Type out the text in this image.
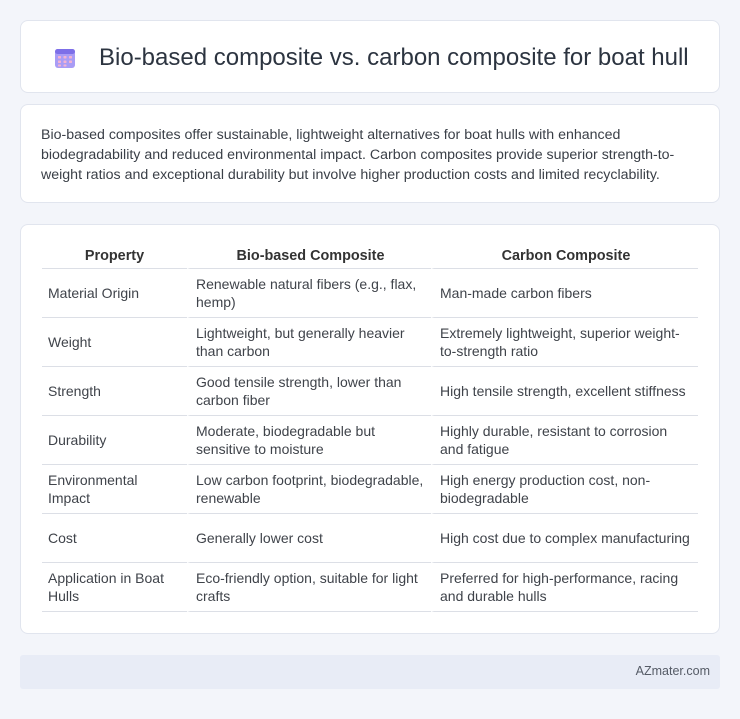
Bio-based composite vs. carbon composite for boat hull

Bio-based composites offer sustainable, lightweight alternatives for boat hulls with enhanced biodegradability and reduced environmental impact. Carbon composites provide superior strength-to-weight ratios and exceptional durability but involve higher production costs and limited recyclability.

Property	Bio-based Composite	Carbon Composite
Material Origin	Renewable natural fibers (e.g., flax, hemp)	Man-made carbon fibers
Weight	Lightweight, but generally heavier than carbon	Extremely lightweight, superior weight-to-strength ratio
Strength	Good tensile strength, lower than carbon fiber	High tensile strength, excellent stiffness
Durability	Moderate, biodegradable but sensitive to moisture	Highly durable, resistant to corrosion and fatigue
Environmental Impact	Low carbon footprint, biodegradable, renewable	High energy production cost, non-biodegradable
Cost	Generally lower cost	High cost due to complex manufacturing
Application in Boat Hulls	Eco-friendly option, suitable for light crafts	Preferred for high-performance, racing and durable hulls
AZmater.com
